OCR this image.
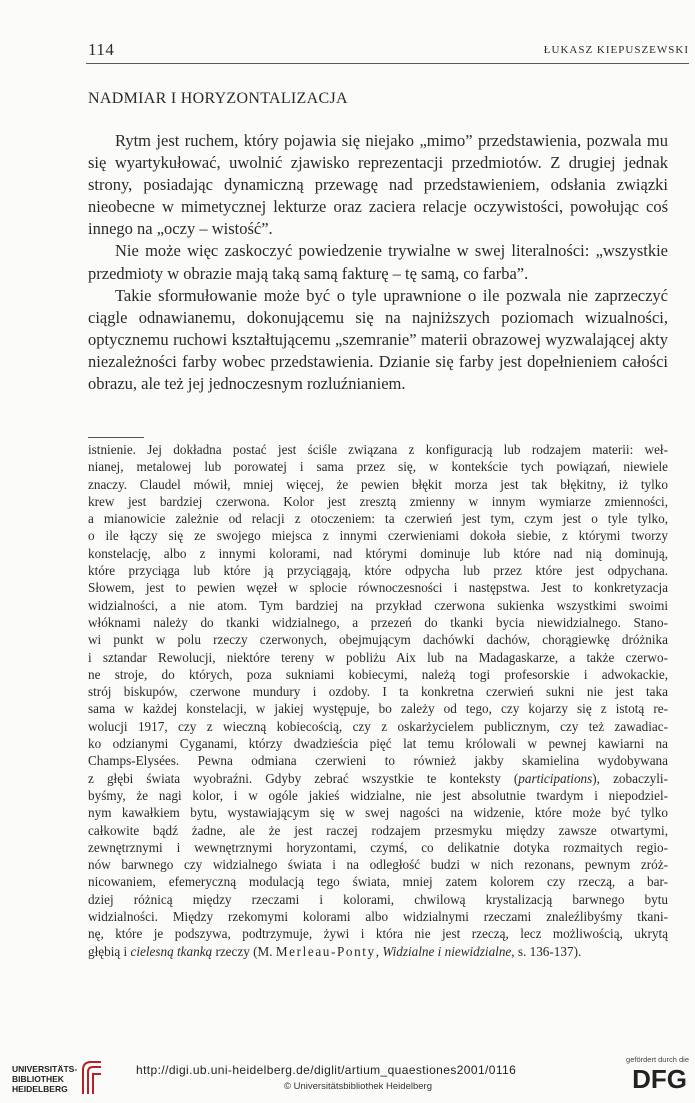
114	ŁUKASZ KIEPUSZEWSKI
NADMIAR I HORYZONTALIZACJA

Rytm jest ruchem, który pojawia się niejako „mimo” przedstawienia, pozwala mu się wyartykułować, uwolnić zjawisko reprezentacji przedmiotów. Z drugiej jednak strony, posiadając dynamiczną przewagę nad przedstawieniem, odsłania związki nieobecne w mimetycznej lekturze oraz zaciera relacje oczywistości, powołując coś innego na „oczy – wistość”.

Nie może więc zaskoczyć powiedzenie trywialne w swej literalności: „wszystkie przedmioty w obrazie mają taką samą fakturę – tę samą, co farba”.

Takie sformułowanie może być o tyle uprawnione o ile pozwala nie zaprzeczyć ciągle odnawianemu, dokonującemu się na najniższych poziomach wizualności, optycznemu ruchowi kształtującemu „szemranie” materii obrazowej wyzwalającej akty niezależności farby wobec przedstawienia. Dzianie się farby jest dopełnieniem całości obrazu, ale też jej jednoczesnym rozluźnianiem.

istnienie. Jej dokładna postać jest ściśle związana z konfiguracją lub rodzajem materii: weł-
nianej, metalowej lub porowatej i sama przez się, w kontekście tych powiązań, niewiele
znaczy. Claudel mówił, mniej więcej, że pewien błękit morza jest tak błękitny, iż tylko
krew jest bardziej czerwona. Kolor jest zresztą zmienny w innym wymiarze zmienności,
a mianowicie zależnie od relacji z otoczeniem: ta czerwień jest tym, czym jest o tyle tylko,
o ile łączy się ze swojego miejsca z innymi czerwieniami dokoła siebie, z którymi tworzy
konstelację, albo z innymi kolorami, nad którymi dominuje lub które nad nią dominują,
które przyciąga lub które ją przyciągają, które odpycha lub przez które jest odpychana.
Słowem, jest to pewien węzeł w splocie równoczesności i następstwa. Jest to konkretyzacja
widzialności, a nie atom. Tym bardziej na przykład czerwona sukienka wszystkimi swoimi
włóknami należy do tkanki widzialnego, a przezeń do tkanki bycia niewidzialnego. Stano-
wi punkt w polu rzeczy czerwonych, obejmującym dachówki dachów, chorągiewkę dróżnika
i sztandar Rewolucji, niektóre tereny w pobliżu Aix lub na Madagaskarze, a także czerwo-
ne stroje, do których, poza sukniami kobiecymi, należą togi profesorskie i adwokackie,
strój biskupów, czerwone mundury i ozdoby. I ta konkretna czerwień sukni nie jest taka
sama w każdej konstelacji, w jakiej występuje, bo zależy od tego, czy kojarzy się z istotą re-
wolucji 1917, czy z wieczną kobiecością, czy z oskarżycielem publicznym, czy też zawadiac-
ko odzianymi Cyganami, którzy dwadzieścia pięć lat temu królowali w pewnej kawiarni na
Champs-Elysées. Pewna odmiana czerwieni to również jakby skamielina wydobywana
z głębi świata wyobraźni. Gdyby zebrać wszystkie te konteksty (participations), zobaczyli-
byśmy, że nagi kolor, i w ogóle jakieś widzialne, nie jest absolutnie twardym i niepodziel-
nym kawałkiem bytu, wystawiającym się w swej nagości na widzenie, które może być tylko
całkowite bądź żadne, ale że jest raczej rodzajem przesmyku między zawsze otwartymi,
zewnętrznymi i wewnętrznymi horyzontami, czymś, co delikatnie dotyka rozmaitych regio-
nów barwnego czy widzialnego świata i na odległość budzi w nich rezonans, pewnym zróż-
nicowaniem, efemeryczną modulacją tego świata, mniej zatem kolorem czy rzeczą, a bar-
dziej różnicą między rzeczami i kolorami, chwilową krystalizacją barwnego bytu
widzialności. Między rzekomymi kolorami albo widzialnymi rzeczami znaleźlibyśmy tkani-
nę, które je podszywa, podtrzymuje, żywi i która nie jest rzeczą, lecz możliwością, ukrytą
głębią i cielesną tkanką rzeczy (M. Merleau-Ponty, Widzialne i niewidzialne, s. 136-137).
UNIVERSITÄTS-
BIBLIOTHEK
HEIDELBERG
http://digi.ub.uni-heidelberg.de/diglit/artium_quaestiones2001/0116
© Universitätsbibliothek Heidelberg
gefördert durch die
DFG
